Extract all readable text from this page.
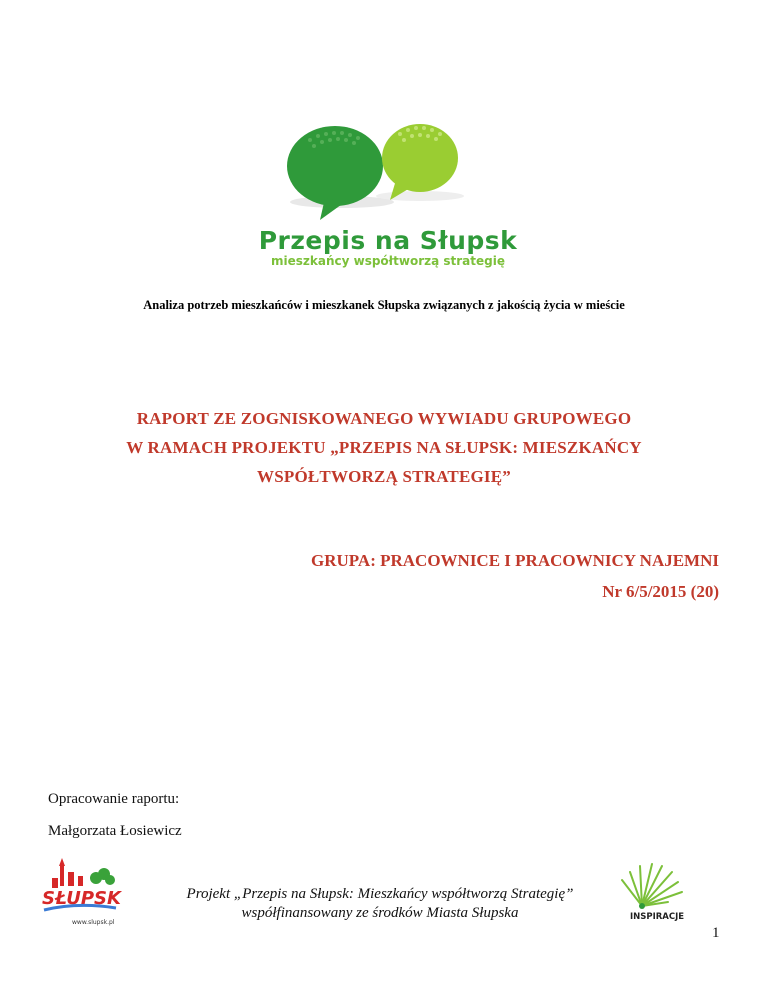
Przepis na Słupsk
mieszkańcy współtworzą strategię
Analiza potrzeb mieszkańców i mieszkanek Słupska związanych z jakością życia w mieście
RAPORT ZE ZOGNISKOWANEGO WYWIADU GRUPOWEGO
W RAMACH PROJEKTU „PRZEPIS NA SŁUPSK: MIESZKAŃCY
WSPÓŁTWORZĄ STRATEGIĘ”
GRUPA: PRACOWNICE I PRACOWNICY NAJEMNI
Nr 6/5/2015 (20)
Opracowanie raportu:
Małgorzata Łosiewicz
SŁUPSK
www.slupsk.pl
Projekt „Przepis na Słupsk: Mieszkańcy współtworzą Strategię”
współfinansowany ze środków Miasta Słupska	INSPIRACJE
1
